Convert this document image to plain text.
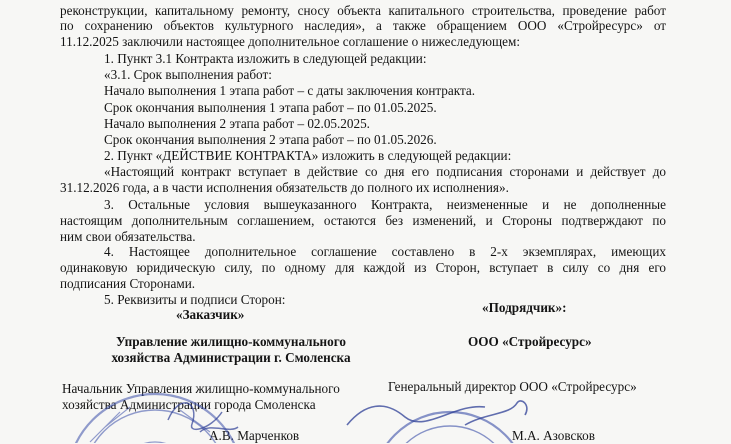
реконструкции, капитальному ремонту, сносу объекта капитального строительства, проведение работ
по сохранению объектов культурного наследия», а также обращением ООО «Стройресурс» от
11.12.2025 заключили настоящее дополнительное соглашение о нижеследующем:
1. Пункт 3.1 Контракта изложить в следующей редакции:
«3.1. Срок выполнения работ:
Начало выполнения 1 этапа работ – с даты заключения контракта.
Срок окончания выполнения 1 этапа работ – по 01.05.2025.
Начало выполнения 2 этапа работ – 02.05.2025.
Срок окончания выполнения 2 этапа работ – по 01.05.2026.
2. Пункт «ДЕЙСТВИЕ КОНТРАКТА» изложить в следующей редакции:
«Настоящий контракт вступает в действие со дня его подписания сторонами и действует до
31.12.2026 года, а в части исполнения обязательств до полного их исполнения».
3. Остальные условия вышеуказанного Контракта, неизмененные и не дополненные
настоящим дополнительным соглашением, остаются без изменений, и Стороны подтверждают по
ним свои обязательства.
4. Настоящее дополнительное соглашение составлено в 2-х экземплярах, имеющих
одинаковую юридическую силу, по одному для каждой из Сторон, вступает в силу со дня его
подписания Сторонами.
5. Реквизиты и подписи Сторон:
«Заказчик»
Управление жилищно-коммунального
хозяйства Администрации г. Смоленска
Начальник Управления жилищно-коммунального
хозяйства Администрации города Смоленска
А.В. Марченков
«Подрядчик»:
ООО «Стройресурс»
Генеральный директор ООО «Стройресурс»
М.А. Азовсков
